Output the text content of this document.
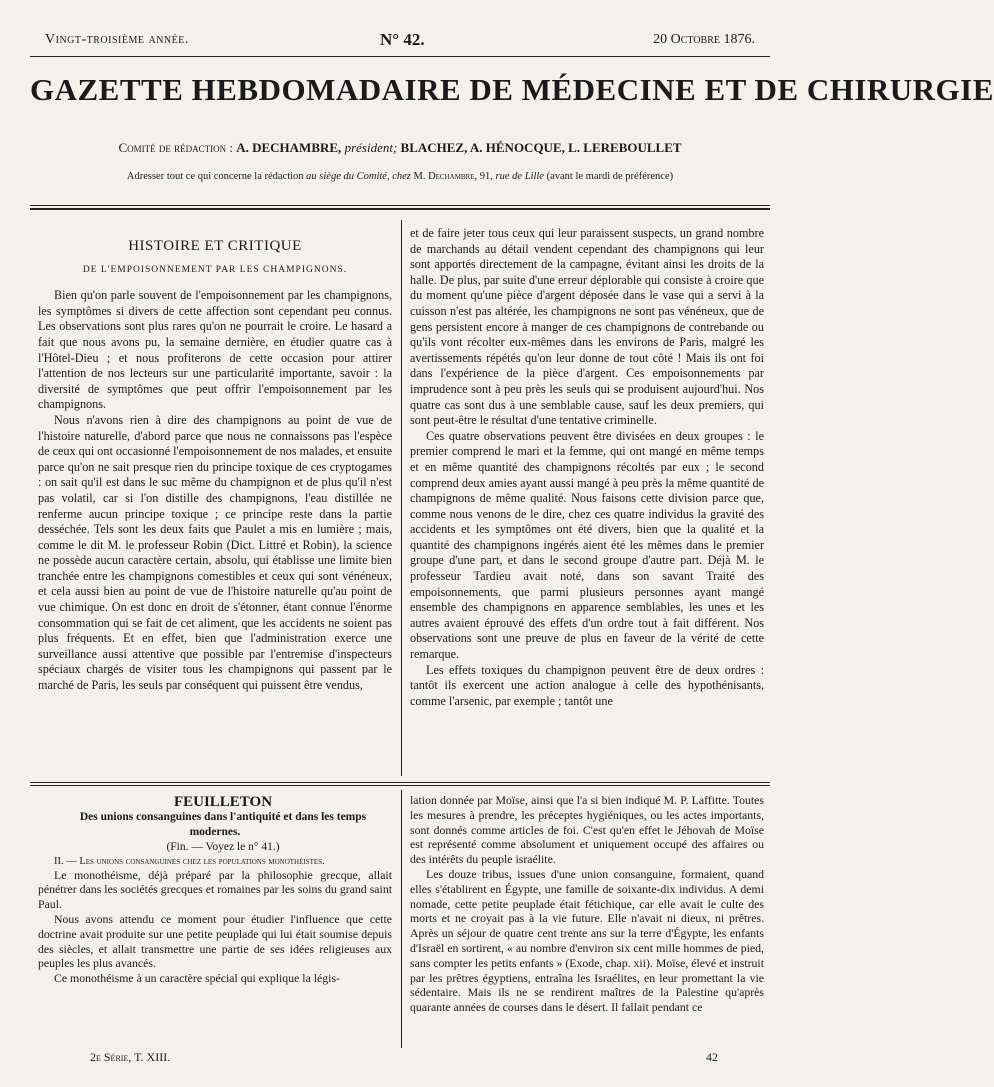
Vingt-troisième année.	N° 42.	20 Octobre 1876.
GAZETTE HEBDOMADAIRE DE MÉDECINE ET DE CHIRURGIE
Comité de rédaction : A. DECHAMBRE, président; BLACHEZ, A. HÉNOCQUE, L. LEREBOULLET
Adresser tout ce qui concerne la rédaction au siège du Comité, chez M. Dechambre, 91, rue de Lille (avant le mardi de préférence)

HISTOIRE ET CRITIQUE

DE L'EMPOISONNEMENT PAR LES CHAMPIGNONS.

Bien qu'on parle souvent de l'empoisonnement par les champignons, les symptômes si divers de cette affection sont cependant peu connus. Les observations sont plus rares qu'on ne pourrait le croire. Le hasard a fait que nous avons pu, la semaine dernière, en étudier quatre cas à l'Hôtel-Dieu ; et nous profiterons de cette occasion pour attirer l'attention de nos lecteurs sur une particularité importante, savoir : la diversité de symptômes que peut offrir l'empoisonnement par les champignons.

Nous n'avons rien à dire des champignons au point de vue de l'histoire naturelle, d'abord parce que nous ne connaissons pas l'espèce de ceux qui ont occasionné l'empoisonnement de nos malades, et ensuite parce qu'on ne sait presque rien du principe toxique de ces cryptogames : on sait qu'il est dans le suc même du champignon et de plus qu'il n'est pas volatil, car si l'on distille des champignons, l'eau distillée ne renferme aucun principe toxique ; ce principe reste dans la partie desséchée. Tels sont les deux faits que Paulet a mis en lumière ; mais, comme le dit M. le professeur Robin (Dict. Littré et Robin), la science ne possède aucun caractère certain, absolu, qui établisse une limite bien tranchée entre les champignons comestibles et ceux qui sont vénéneux, et cela aussi bien au point de vue de l'histoire naturelle qu'au point de vue chimique. On est donc en droit de s'étonner, étant connue l'énorme consommation qui se fait de cet aliment, que les accidents ne soient pas plus fréquents. Et en effet, bien que l'administration exerce une surveillance aussi attentive que possible par l'entremise d'inspecteurs spéciaux chargés de visiter tous les champignons qui passent par le marché de Paris, les seuls par conséquent qui puissent être vendus,

et de faire jeter tous ceux qui leur paraissent suspects, un grand nombre de marchands au détail vendent cependant des champignons qui leur sont apportés directement de la campagne, évitant ainsi les droits de la halle. De plus, par suite d'une erreur déplorable qui consiste à croire que du moment qu'une pièce d'argent déposée dans le vase qui a servi à la cuisson n'est pas altérée, les champignons ne sont pas vénéneux, que de gens persistent encore à manger de ces champignons de contrebande ou qu'ils vont récolter eux-mêmes dans les environs de Paris, malgré les avertissements répétés qu'on leur donne de tout côté ! Mais ils ont foi dans l'expérience de la pièce d'argent. Ces empoisonnements par imprudence sont à peu près les seuls qui se produisent aujourd'hui. Nos quatre cas sont dus à une semblable cause, sauf les deux premiers, qui sont peut-être le résultat d'une tentative criminelle.

Ces quatre observations peuvent être divisées en deux groupes : le premier comprend le mari et la femme, qui ont mangé en même temps et en même quantité des champignons récoltés par eux ; le second comprend deux amies ayant aussi mangé à peu près la même quantité de champignons de même qualité. Nous faisons cette division parce que, comme nous venons de le dire, chez ces quatre individus la gravité des accidents et les symptômes ont été divers, bien que la qualité et la quantité des champignons ingérés aient été les mêmes dans le premier groupe d'une part, et dans le second groupe d'autre part. Déjà M. le professeur Tardieu avait noté, dans son savant Traité des empoisonnements, que parmi plusieurs personnes ayant mangé ensemble des champignons en apparence semblables, les unes et les autres avaient éprouvé des effets d'un ordre tout à fait différent. Nos observations sont une preuve de plus en faveur de la vérité de cette remarque.

Les effets toxiques du champignon peuvent être de deux ordres : tantôt ils exercent une action analogue à celle des hypothénisants, comme l'arsenic, par exemple ; tantôt une

FEUILLETON

Des unions consanguines dans l'antiquité et dans les temps modernes.

(Fin. — Voyez le n° 41.)

II. — Les unions consanguines chez les populations monothéistes.

Le monothéisme, déjà préparé par la philosophie grecque, allait pénétrer dans les sociétés grecques et romaines par les soins du grand saint Paul.

Nous avons attendu ce moment pour étudier l'influence que cette doctrine avait produite sur une petite peuplade qui lui était soumise depuis des siècles, et allait transmettre une partie de ses idées religieuses aux peuples les plus avancés.

Ce monothéisme à un caractère spécial qui explique la légis-

lation donnée par Moïse, ainsi que l'a si bien indiqué M. P. Laffitte. Toutes les mesures à prendre, les préceptes hygiéniques, ou les actes importants, sont donnés comme articles de foi. C'est qu'en effet le Jéhovah de Moïse est représenté comme absolument et uniquement occupé des affaires ou des intérêts du peuple israélite.

Les douze tribus, issues d'une union consanguine, formaient, quand elles s'établirent en Égypte, une famille de soixante-dix individus. A demi nomade, cette petite peuplade était fétichique, car elle avait le culte des morts et ne croyait pas à la vie future. Elle n'avait ni dieux, ni prêtres. Après un séjour de quatre cent trente ans sur la terre d'Égypte, les enfants d'Israël en sortirent, « au nombre d'environ six cent mille hommes de pied, sans compter les petits enfants » (Exode, chap. xii). Moïse, élevé et instruit par les prêtres égyptiens, entraîna les Israélites, en leur promettant la vie sédentaire. Mais ils ne se rendirent maîtres de la Palestine qu'après quarante années de courses dans le désert. Il fallait pendant ce

2e Série, T. XIII.	42
